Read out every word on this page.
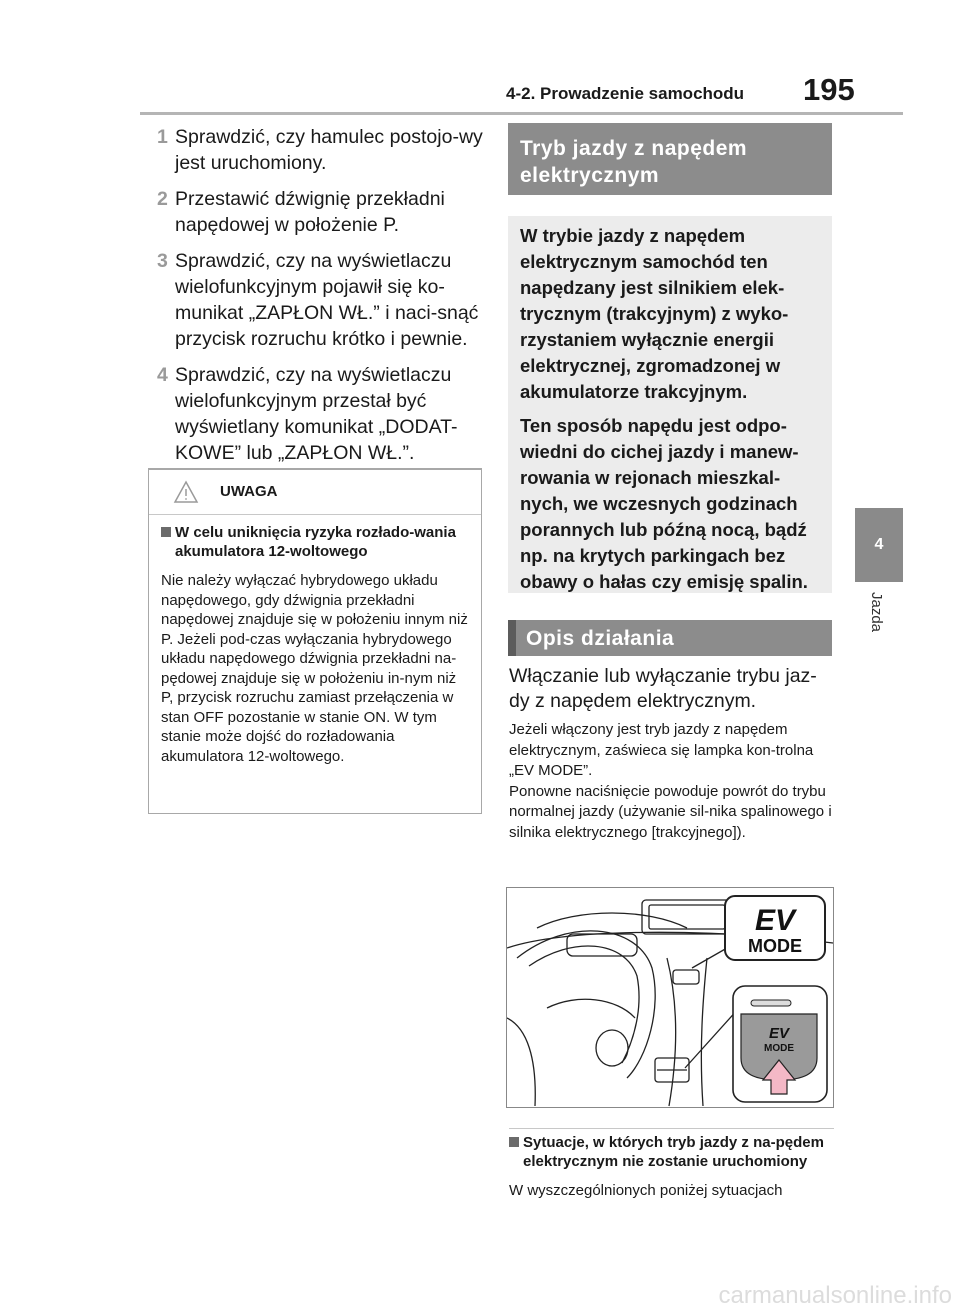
4-2. Prowadzenie samochodu 195
4
Jazda
1 Sprawdzić, czy hamulec postojo-wy jest uruchomiony.
2 Przestawić dźwignię przekładni napędowej w położenie P.
3 Sprawdzić, czy na wyświetlaczu wielofunkcyjnym pojawił się ko-munikat „ZAPŁON WŁ.” i naci-snąć przycisk rozruchu krótko i pewnie.
4 Sprawdzić, czy na wyświetlaczu wielofunkcyjnym przestał być wyświetlany komunikat „DODAT-KOWE” lub „ZAPŁON WŁ.”.
UWAGA
W celu uniknięcia ryzyka rozłado-wania akumulatora 12-woltowego
Nie należy wyłączać hybrydowego układu napędowego, gdy dźwignia przekładni napędowej znajduje się w położeniu innym niż P. Jeżeli pod-czas wyłączania hybrydowego układu napędowego dźwignia przekładni na-pędowej znajduje się w położeniu in-nym niż P, przycisk rozruchu zamiast przełączenia w stan OFF pozostanie w stanie ON. W tym stanie może dojść do rozładowania akumulatora 12-woltowego.
Tryb jazdy z napędem elektrycznym

W trybie jazdy z napędem elektrycznym samochód ten napędzany jest silnikiem elek-trycznym (trakcyjnym) z wyko-rzystaniem wyłącznie energii elektrycznej, zgromadzonej w akumulatorze trakcyjnym.

Ten sposób napędu jest odpo-wiedni do cichej jazdy i manew-rowania w rejonach mieszkal-nych, we wczesnych godzinach porannych lub późną nocą, bądź np. na krytych parkingach bez obawy o hałas czy emisję spalin.

Opis działania
Włączanie lub wyłączanie trybu jaz-dy z napędem elektrycznym.
Jeżeli włączony jest tryb jazdy z napędem elektrycznym, zaświeca się lampka kon-trolna „EV MODE”.
Ponowne naciśnięcie powoduje powrót do trybu normalnej jazdy (używanie sil-nika spalinowego i silnika elektrycznego [trakcyjnego]).
EV
MODE
EV
MODE
Sytuacje, w których tryb jazdy z na-pędem elektrycznym nie zostanie uruchomiony
W wyszczególnionych poniżej sytuacjach
carmanualsonline.info
